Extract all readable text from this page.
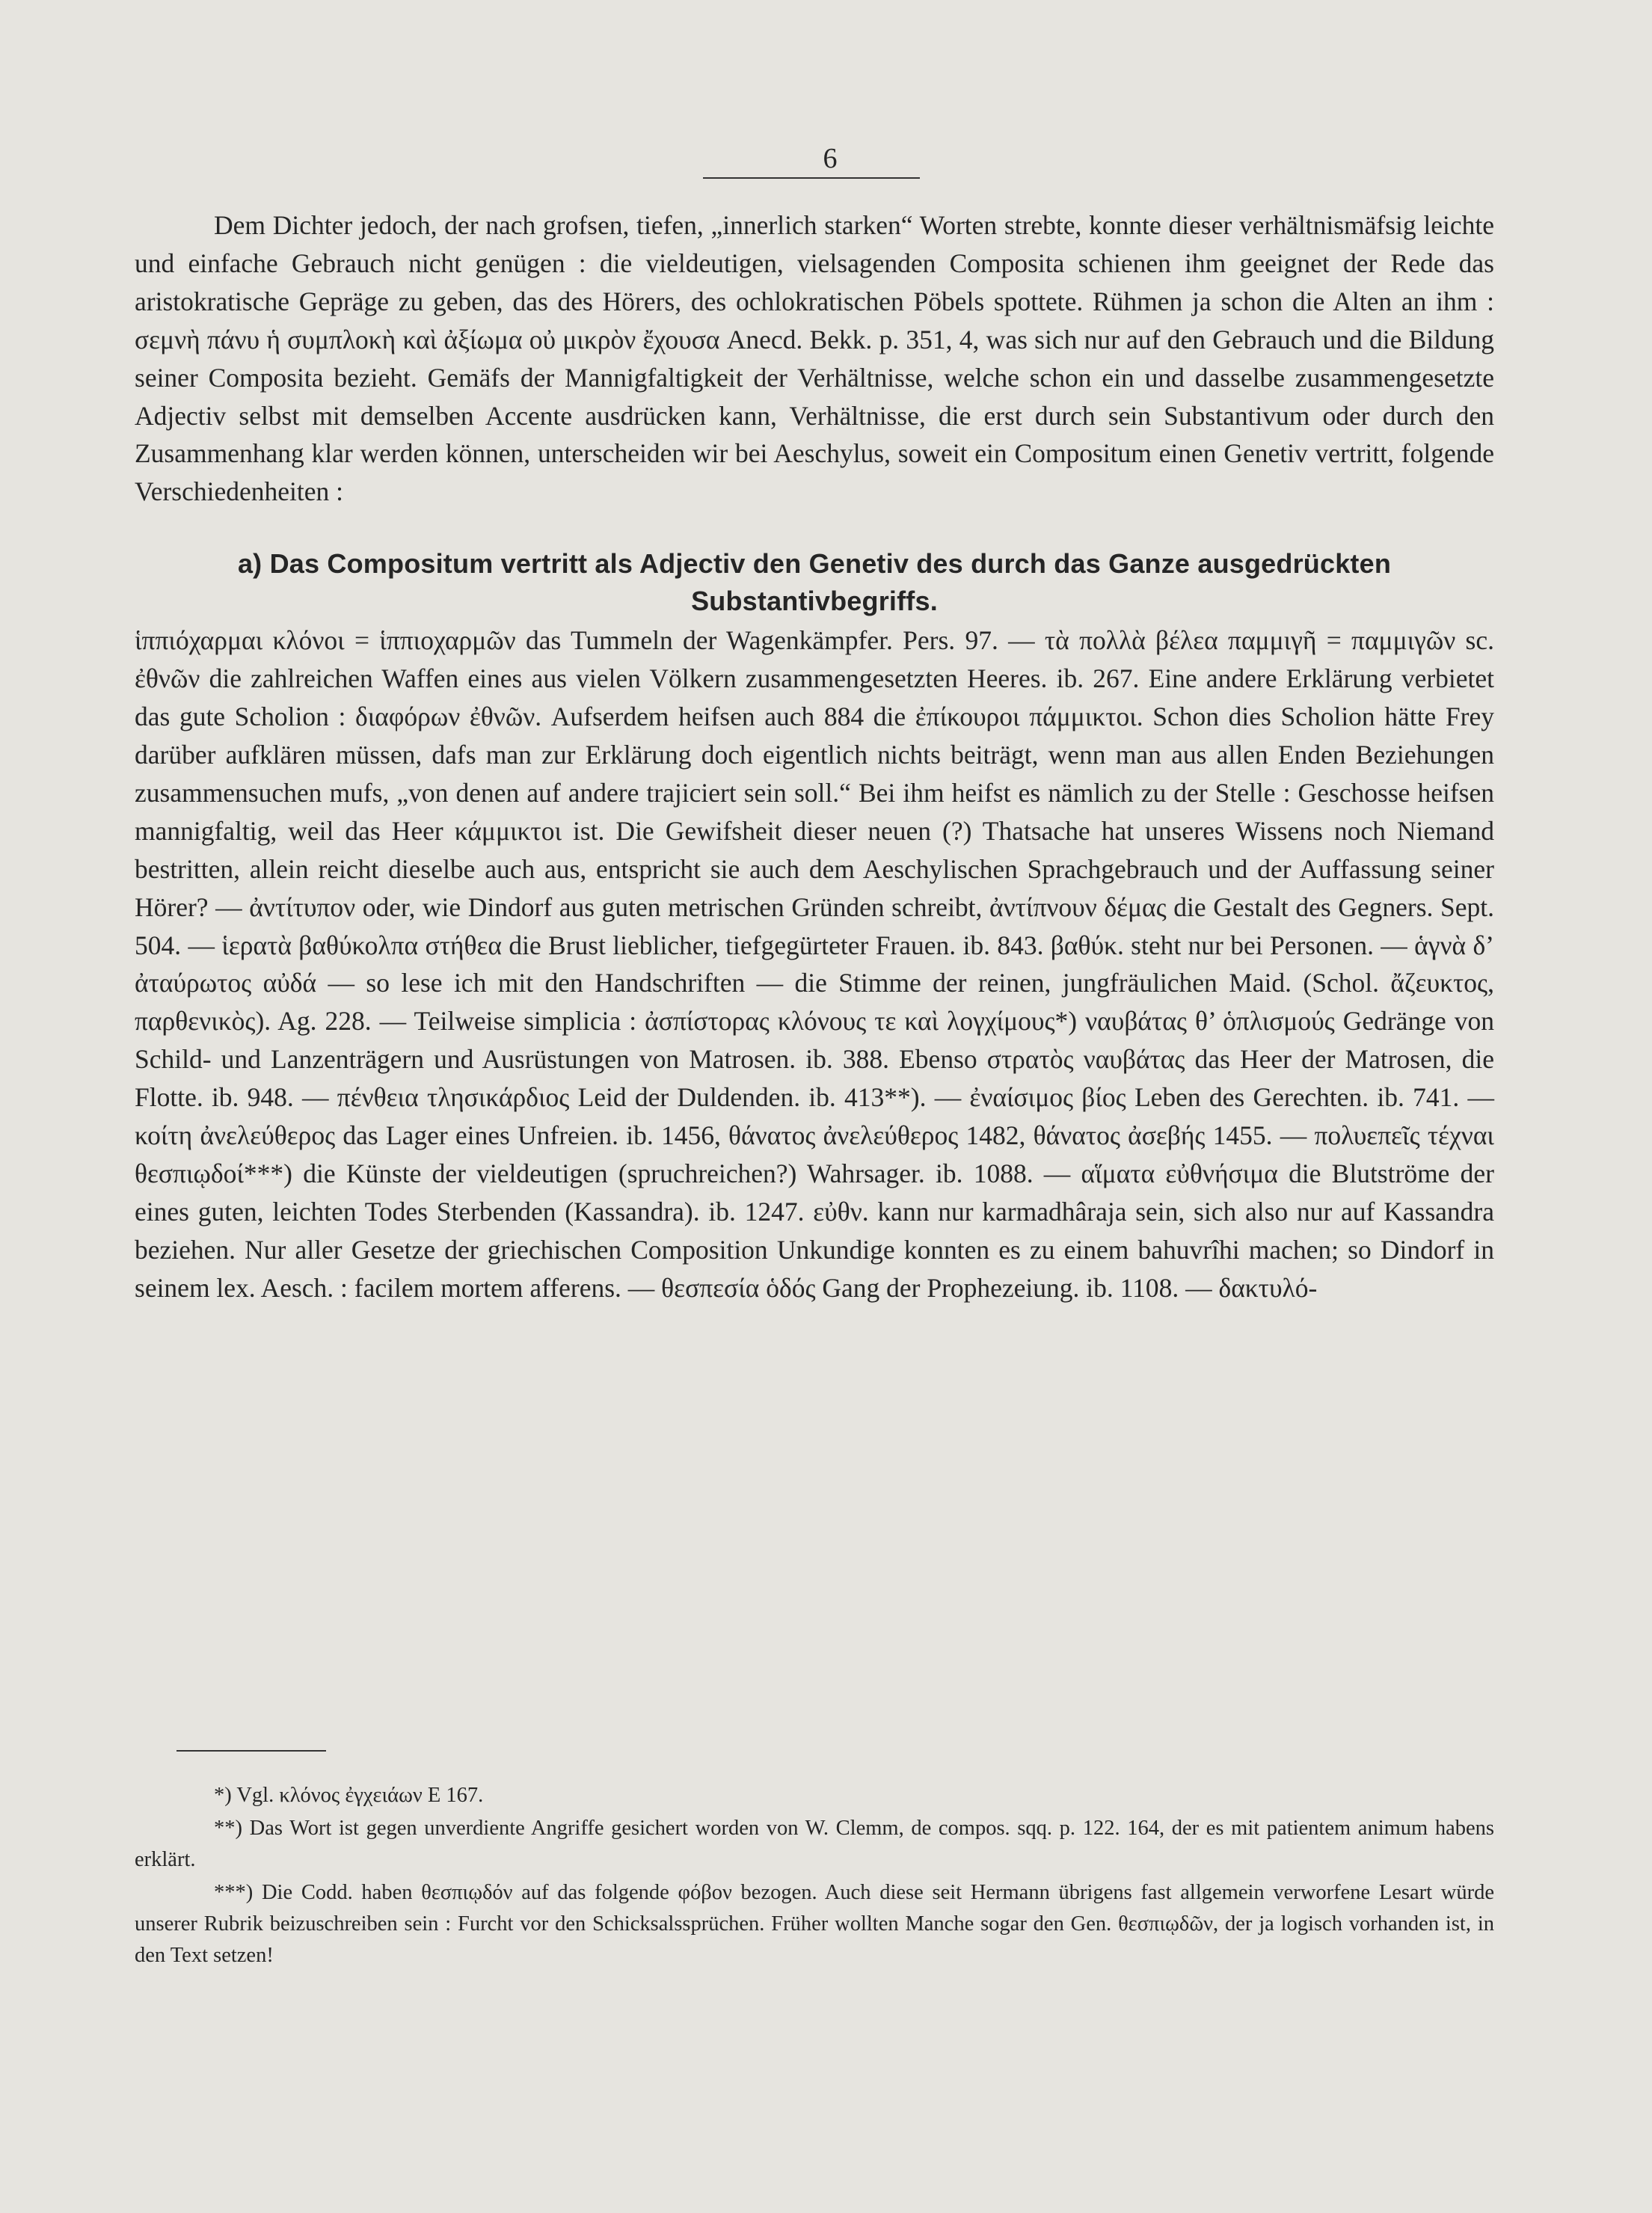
6

Dem Dichter jedoch, der nach grofsen, tiefen, „innerlich starken“ Worten strebte, konnte dieser verhältnismäfsig leichte und einfache Gebrauch nicht genügen : die vieldeutigen, vielsagenden Composita schienen ihm geeignet der Rede das aristokratische Gepräge zu geben, das des Hörers, des ochlokratischen Pöbels spottete. Rühmen ja schon die Alten an ihm : σεμνὴ πάνυ ἡ συμπλοκὴ καὶ ἀξίωμα οὐ μικρὸν ἔχουσα Anecd. Bekk. p. 351, 4, was sich nur auf den Gebrauch und die Bildung seiner Composita bezieht. Gemäfs der Mannigfaltigkeit der Verhältnisse, welche schon ein und dasselbe zusammengesetzte Adjectiv selbst mit demselben Accente ausdrücken kann, Verhältnisse, die erst durch sein Substantivum oder durch den Zusammenhang klar werden können, unterscheiden wir bei Aeschylus, soweit ein Compositum einen Genetiv vertritt, folgende Verschiedenheiten :

a) Das Compositum vertritt als Adjectiv den Genetiv des durch das Ganze ausgedrückten Substantivbegriffs.

ἱππιόχαρμαι κλόνοι = ἱππιοχαρμῶν das Tummeln der Wagenkämpfer. Pers. 97. — τὰ πολλὰ βέλεα παμμιγῆ = παμμιγῶν sc. ἐθνῶν die zahlreichen Waffen eines aus vielen Völkern zusammengesetzten Heeres. ib. 267. Eine andere Erklärung verbietet das gute Scholion : διαφόρων ἐθνῶν. Aufserdem heifsen auch 884 die ἐπίκουροι πάμμικτοι. Schon dies Scholion hätte Frey darüber aufklären müssen, dafs man zur Erklärung doch eigentlich nichts beiträgt, wenn man aus allen Enden Beziehungen zusammensuchen mufs, „von denen auf andere trajiciert sein soll.“ Bei ihm heifst es nämlich zu der Stelle : Geschosse heifsen mannigfaltig, weil das Heer κάμμικτοι ist. Die Gewifsheit dieser neuen (?) Thatsache hat unseres Wissens noch Niemand bestritten, allein reicht dieselbe auch aus, entspricht sie auch dem Aeschylischen Sprachgebrauch und der Auffassung seiner Hörer? — ἀντίτυπον oder, wie Dindorf aus guten metrischen Gründen schreibt, ἀντίπνουν δέμας die Gestalt des Gegners. Sept. 504. — ἱερατὰ βαθύκολπα στήθεα die Brust lieblicher, tiefgegürteter Frauen. ib. 843. βαθύκ. steht nur bei Personen. — ἁγνὰ δ’ ἀταύρωτος αὐδά — so lese ich mit den Handschriften — die Stimme der reinen, jungfräulichen Maid. (Schol. ἄζευκτος, παρθενικὸς). Ag. 228. — Teilweise simplicia : ἀσπίστορας κλόνους τε καὶ λογχίμους*) ναυβάτας θ’ ὁπλισμούς Gedränge von Schild- und Lanzenträgern und Ausrüstungen von Matrosen. ib. 388. Ebenso στρατὸς ναυβάτας das Heer der Matrosen, die Flotte. ib. 948. — πένθεια τλησικάρδιος Leid der Duldenden. ib. 413**). — ἐναίσιμος βίος Leben des Gerechten. ib. 741. — κοίτη ἀνελεύθερος das Lager eines Unfreien. ib. 1456, θάνατος ἀνελεύθερος 1482, θάνατος ἀσεβής 1455. — πολυεπεῖς τέχναι θεσπιῳδοί***) die Künste der vieldeutigen (spruchreichen?) Wahrsager. ib. 1088. — αἵματα εὐθνήσιμα die Blutströme der eines guten, leichten Todes Sterbenden (Kassandra). ib. 1247. εὐθν. kann nur karmadhâraja sein, sich also nur auf Kassandra beziehen. Nur aller Gesetze der griechischen Composition Unkundige konnten es zu einem bahuvrîhi machen; so Dindorf in seinem lex. Aesch. : facilem mortem afferens. — θεσπεσία ὁδός Gang der Prophezeiung. ib. 1108. — δακτυλό-

*) Vgl. κλόνος ἐγχειάων E 167.

**) Das Wort ist gegen unverdiente Angriffe gesichert worden von W. Clemm, de compos. sqq. p. 122. 164, der es mit patientem animum habens erklärt.

***) Die Codd. haben θεσπιῳδόν auf das folgende φόβον bezogen. Auch diese seit Hermann übrigens fast allgemein verworfene Lesart würde unserer Rubrik beizuschreiben sein : Furcht vor den Schicksalssprüchen. Früher wollten Manche sogar den Gen. θεσπιῳδῶν, der ja logisch vorhanden ist, in den Text setzen!
